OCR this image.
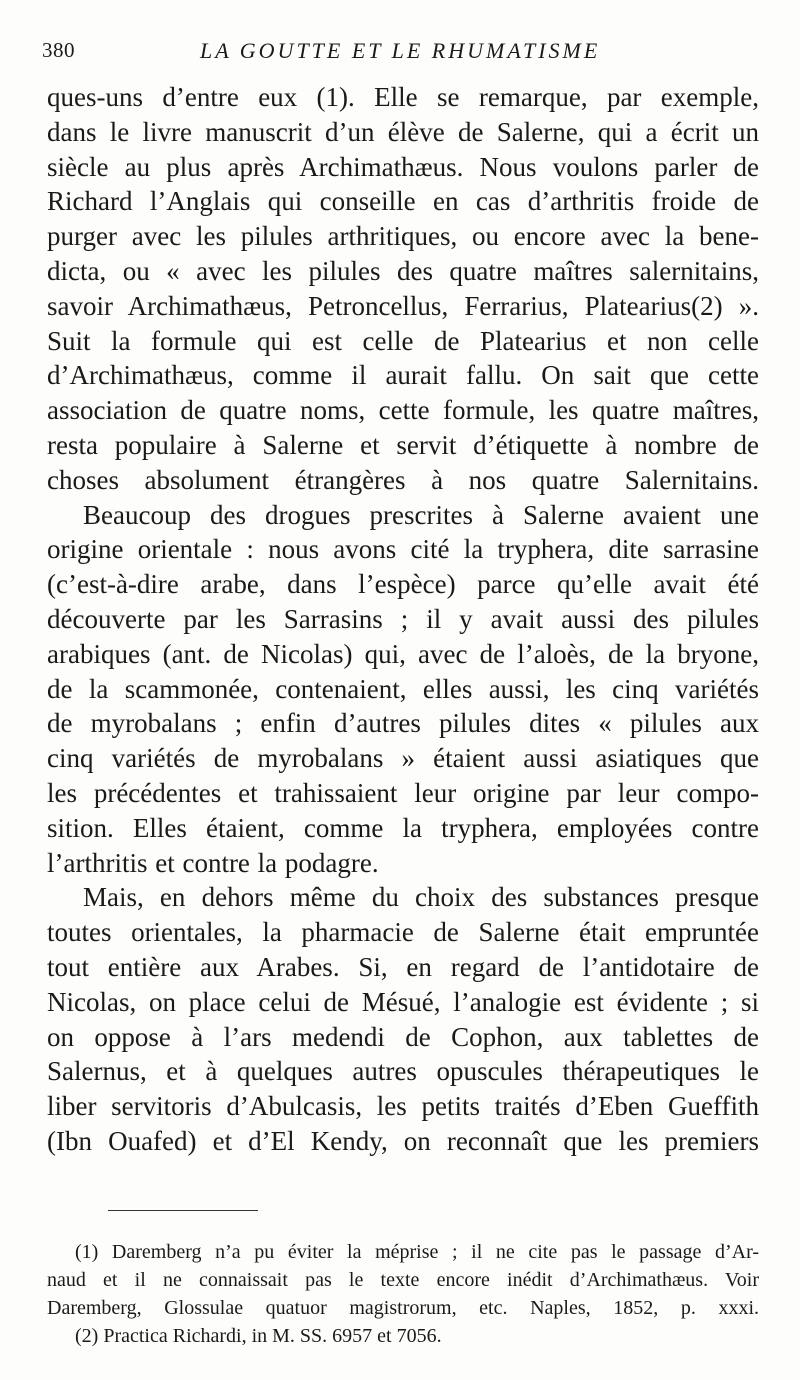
380	LA GOUTTE ET LE RHUMATISME
ques-uns d’entre eux (1). Elle se remarque, par exemple,
dans le livre manuscrit d’un élève de Salerne, qui a écrit un
siècle au plus après Archimathæus. Nous voulons parler de
Richard l’Anglais qui conseille en cas d’arthritis froide de
purger avec les pilules arthritiques, ou encore avec la bene-
dicta, ou « avec les pilules des quatre maîtres salernitains,
savoir Archimathæus, Petroncellus, Ferrarius, Platearius(2) ».
Suit la formule qui est celle de Platearius et non celle
d’Archimathæus, comme il aurait fallu. On sait que cette
association de quatre noms, cette formule, les quatre maîtres,
resta populaire à Salerne et servit d’étiquette à nombre de
choses absolument étrangères à nos quatre Salernitains.
Beaucoup des drogues prescrites à Salerne avaient une
origine orientale : nous avons cité la tryphera, dite sarrasine
(c’est-à-dire arabe, dans l’espèce) parce qu’elle avait été
découverte par les Sarrasins ; il y avait aussi des pilules
arabiques (ant. de Nicolas) qui, avec de l’aloès, de la bryone,
de la scammonée, contenaient, elles aussi, les cinq variétés
de myrobalans ; enfin d’autres pilules dites « pilules aux
cinq variétés de myrobalans » étaient aussi asiatiques que
les précédentes et trahissaient leur origine par leur compo-
sition. Elles étaient, comme la tryphera, employées contre
l’arthritis et contre la podagre.
Mais, en dehors même du choix des substances presque
toutes orientales, la pharmacie de Salerne était empruntée
tout entière aux Arabes. Si, en regard de l’antidotaire de
Nicolas, on place celui de Mésué, l’analogie est évidente ; si
on oppose à l’ars medendi de Cophon, aux tablettes de
Salernus, et à quelques autres opuscules thérapeutiques le
liber servitoris d’Abulcasis, les petits traités d’Eben Gueffith
(Ibn Ouafed) et d’El Kendy, on reconnaît que les premiers
(1) Daremberg n’a pu éviter la méprise ; il ne cite pas le passage d’Ar-
naud et il ne connaissait pas le texte encore inédit d’Archimathæus. Voir
Daremberg, Glossulae quatuor magistrorum, etc. Naples, 1852, p. xxxi.
(2) Practica Richardi, in M. SS. 6957 et 7056.
